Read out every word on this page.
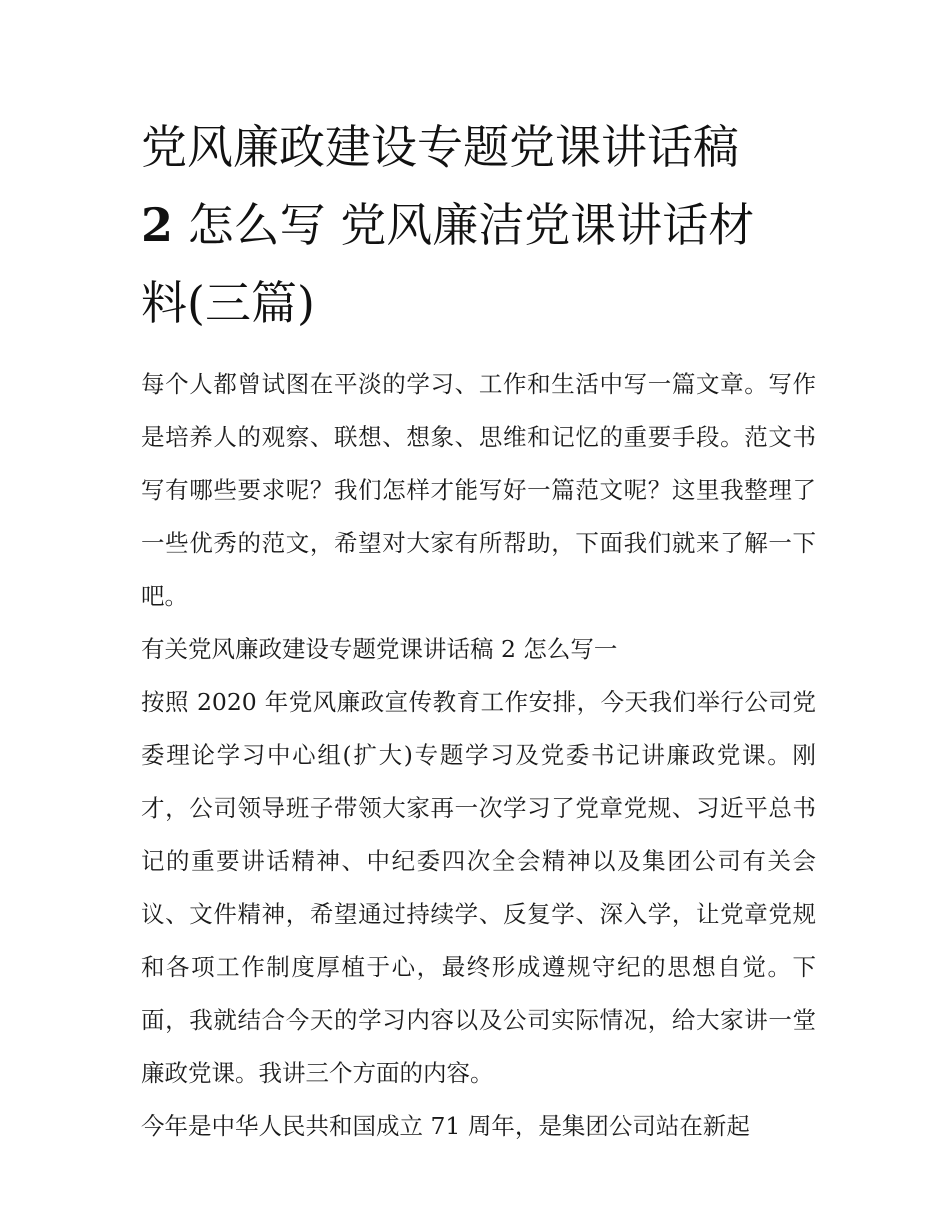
党风廉政建设专题党课讲话稿
2 怎么写 党风廉洁党课讲话材
料(三篇)

每个人都曾试图在平淡的学习、工作和生活中写一篇文章。写作是培养人的观察、联想、想象、思维和记忆的重要手段。范文书写有哪些要求呢？我们怎样才能写好一篇范文呢？这里我整理了一些优秀的范文，希望对大家有所帮助，下面我们就来了解一下吧。

有关党风廉政建设专题党课讲话稿 2 怎么写一

按照 2020 年党风廉政宣传教育工作安排，今天我们举行公司党委理论学习中心组(扩大)专题学习及党委书记讲廉政党课。刚才，公司领导班子带领大家再一次学习了党章党规、习近平总书记的重要讲话精神、中纪委四次全会精神以及集团公司有关会议、文件精神，希望通过持续学、反复学、深入学，让党章党规和各项工作制度厚植于心，最终形成遵规守纪的思想自觉。下面，我就结合今天的学习内容以及公司实际情况，给大家讲一堂廉政党课。我讲三个方面的内容。

今年是中华人民共和国成立 71 周年，是集团公司站在新起
